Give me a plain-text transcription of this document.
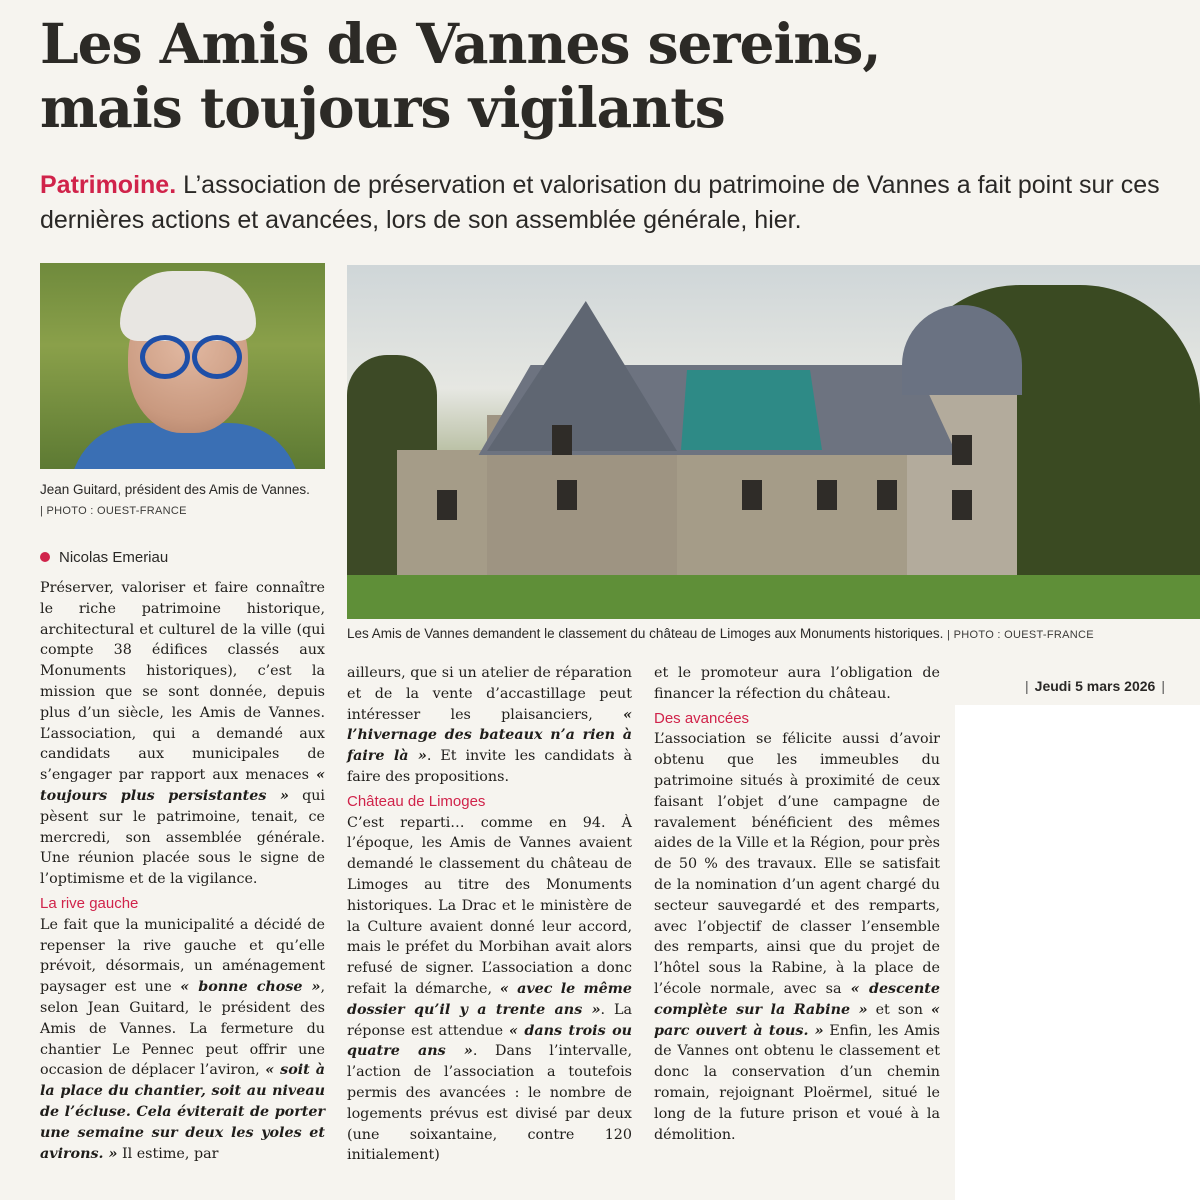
Les Amis de Vannes sereins,
mais toujours vigilants

Patrimoine. L’association de préservation et valorisation du patrimoine de Vannes a fait point sur ces dernières actions et avancées, lors de son assemblée générale, hier.

Jean Guitard, président des Amis de Vannes.
| PHOTO : OUEST-FRANCE

Les Amis de Vannes demandent le classement du château de Limoges aux Monuments historiques. | PHOTO : OUEST-FRANCE

Nicolas Emeriau

Préserver, valoriser et faire connaître le riche patrimoine historique, architectural et culturel de la ville (qui compte 38 édifices classés aux Monuments historiques), c’est la mission que se sont donnée, depuis plus d’un siècle, les Amis de Vannes. L’association, qui a demandé aux candidats aux municipales de s’engager par rapport aux menaces « toujours plus persistantes » qui pèsent sur le patrimoine, tenait, ce mercredi, son assemblée générale. Une réunion placée sous le signe de l’optimisme et de la vigilance.

La rive gauche

Le fait que la municipalité a décidé de repenser la rive gauche et qu’elle prévoit, désormais, un aménagement paysager est une « bonne chose », selon Jean Guitard, le président des Amis de Vannes. La fermeture du chantier Le Pennec peut offrir une occasion de déplacer l’aviron, « soit à la place du chantier, soit au niveau de l’écluse. Cela éviterait de porter une semaine sur deux les yoles et avirons. » Il estime, par

ailleurs, que si un atelier de réparation et de la vente d’accastillage peut intéresser les plaisanciers, « l’hivernage des bateaux n’a rien à faire là ». Et invite les candidats à faire des propositions.

Château de Limoges

C’est reparti… comme en 94. À l’époque, les Amis de Vannes avaient demandé le classement du château de Limoges au titre des Monuments historiques. La Drac et le ministère de la Culture avaient donné leur accord, mais le préfet du Morbihan avait alors refusé de signer. L’association a donc refait la démarche, « avec le même dossier qu’il y a trente ans ». La réponse est attendue « dans trois ou quatre ans ». Dans l’intervalle, l’action de l’association a toutefois permis des avancées : le nombre de logements prévus est divisé par deux (une soixantaine, contre 120 initialement)

et le promoteur aura l’obligation de financer la réfection du château.

Des avancées

L’association se félicite aussi d’avoir obtenu que les immeubles du patrimoine situés à proximité de ceux faisant l’objet d’une campagne de ravalement bénéficient des mêmes aides de la Ville et la Région, pour près de 50 % des travaux. Elle se satisfait de la nomination d’un agent chargé du secteur sauvegardé et des remparts, avec l’objectif de classer l’ensemble des remparts, ainsi que du projet de l’hôtel sous la Rabine, à la place de l’école normale, avec sa « descente complète sur la Rabine » et son « parc ouvert à tous. » Enfin, les Amis de Vannes ont obtenu le classement et donc la conservation d’un chemin romain, rejoignant Ploërmel, situé le long de la future prison et voué à la démolition.

| Jeudi 5 mars 2026 |
